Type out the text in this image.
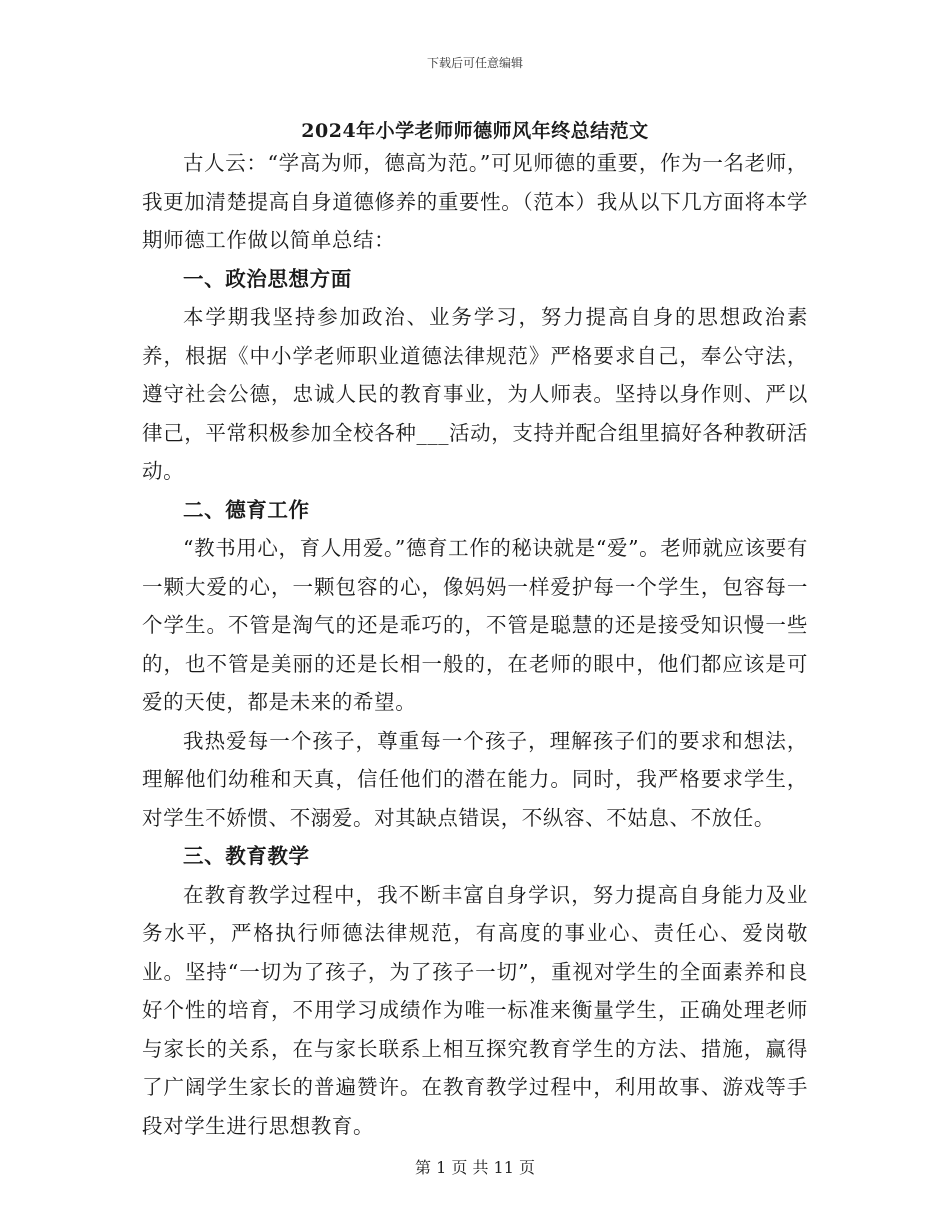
下载后可任意编辑
2024年小学老师师德师风年终总结范文

古人云：“学高为师，德高为范。”可见师德的重要，作为一名老师，我更加清楚提高自身道德修养的重要性。（范本）我从以下几方面将本学期师德工作做以简单总结：

一、政治思想方面

本学期我坚持参加政治、业务学习，努力提高自身的思想政治素养，根据《中小学老师职业道德法律规范》严格要求自己，奉公守法，遵守社会公德，忠诚人民的教育事业，为人师表。坚持以身作则、严以律己，平常积极参加全校各种___活动，支持并配合组里搞好各种教研活动。

二、德育工作

“教书用心，育人用爱。”德育工作的秘诀就是“爱”。老师就应该要有一颗大爱的心，一颗包容的心，像妈妈一样爱护每一个学生，包容每一个学生。不管是淘气的还是乖巧的，不管是聪慧的还是接受知识慢一些的，也不管是美丽的还是长相一般的，在老师的眼中，他们都应该是可爱的天使，都是未来的希望。

我热爱每一个孩子，尊重每一个孩子，理解孩子们的要求和想法，理解他们幼稚和天真，信任他们的潜在能力。同时，我严格要求学生，对学生不娇惯、不溺爱。对其缺点错误，不纵容、不姑息、不放任。

三、教育教学

在教育教学过程中，我不断丰富自身学识，努力提高自身能力及业务水平，严格执行师德法律规范，有高度的事业心、责任心、爱岗敬业。坚持“一切为了孩子，为了孩子一切”，重视对学生的全面素养和良好个性的培育，不用学习成绩作为唯一标准来衡量学生，正确处理老师与家长的关系，在与家长联系上相互探究教育学生的方法、措施，赢得了广阔学生家长的普遍赞许。在教育教学过程中，利用故事、游戏等手段对学生进行思想教育。

第 1 页 共 11 页
